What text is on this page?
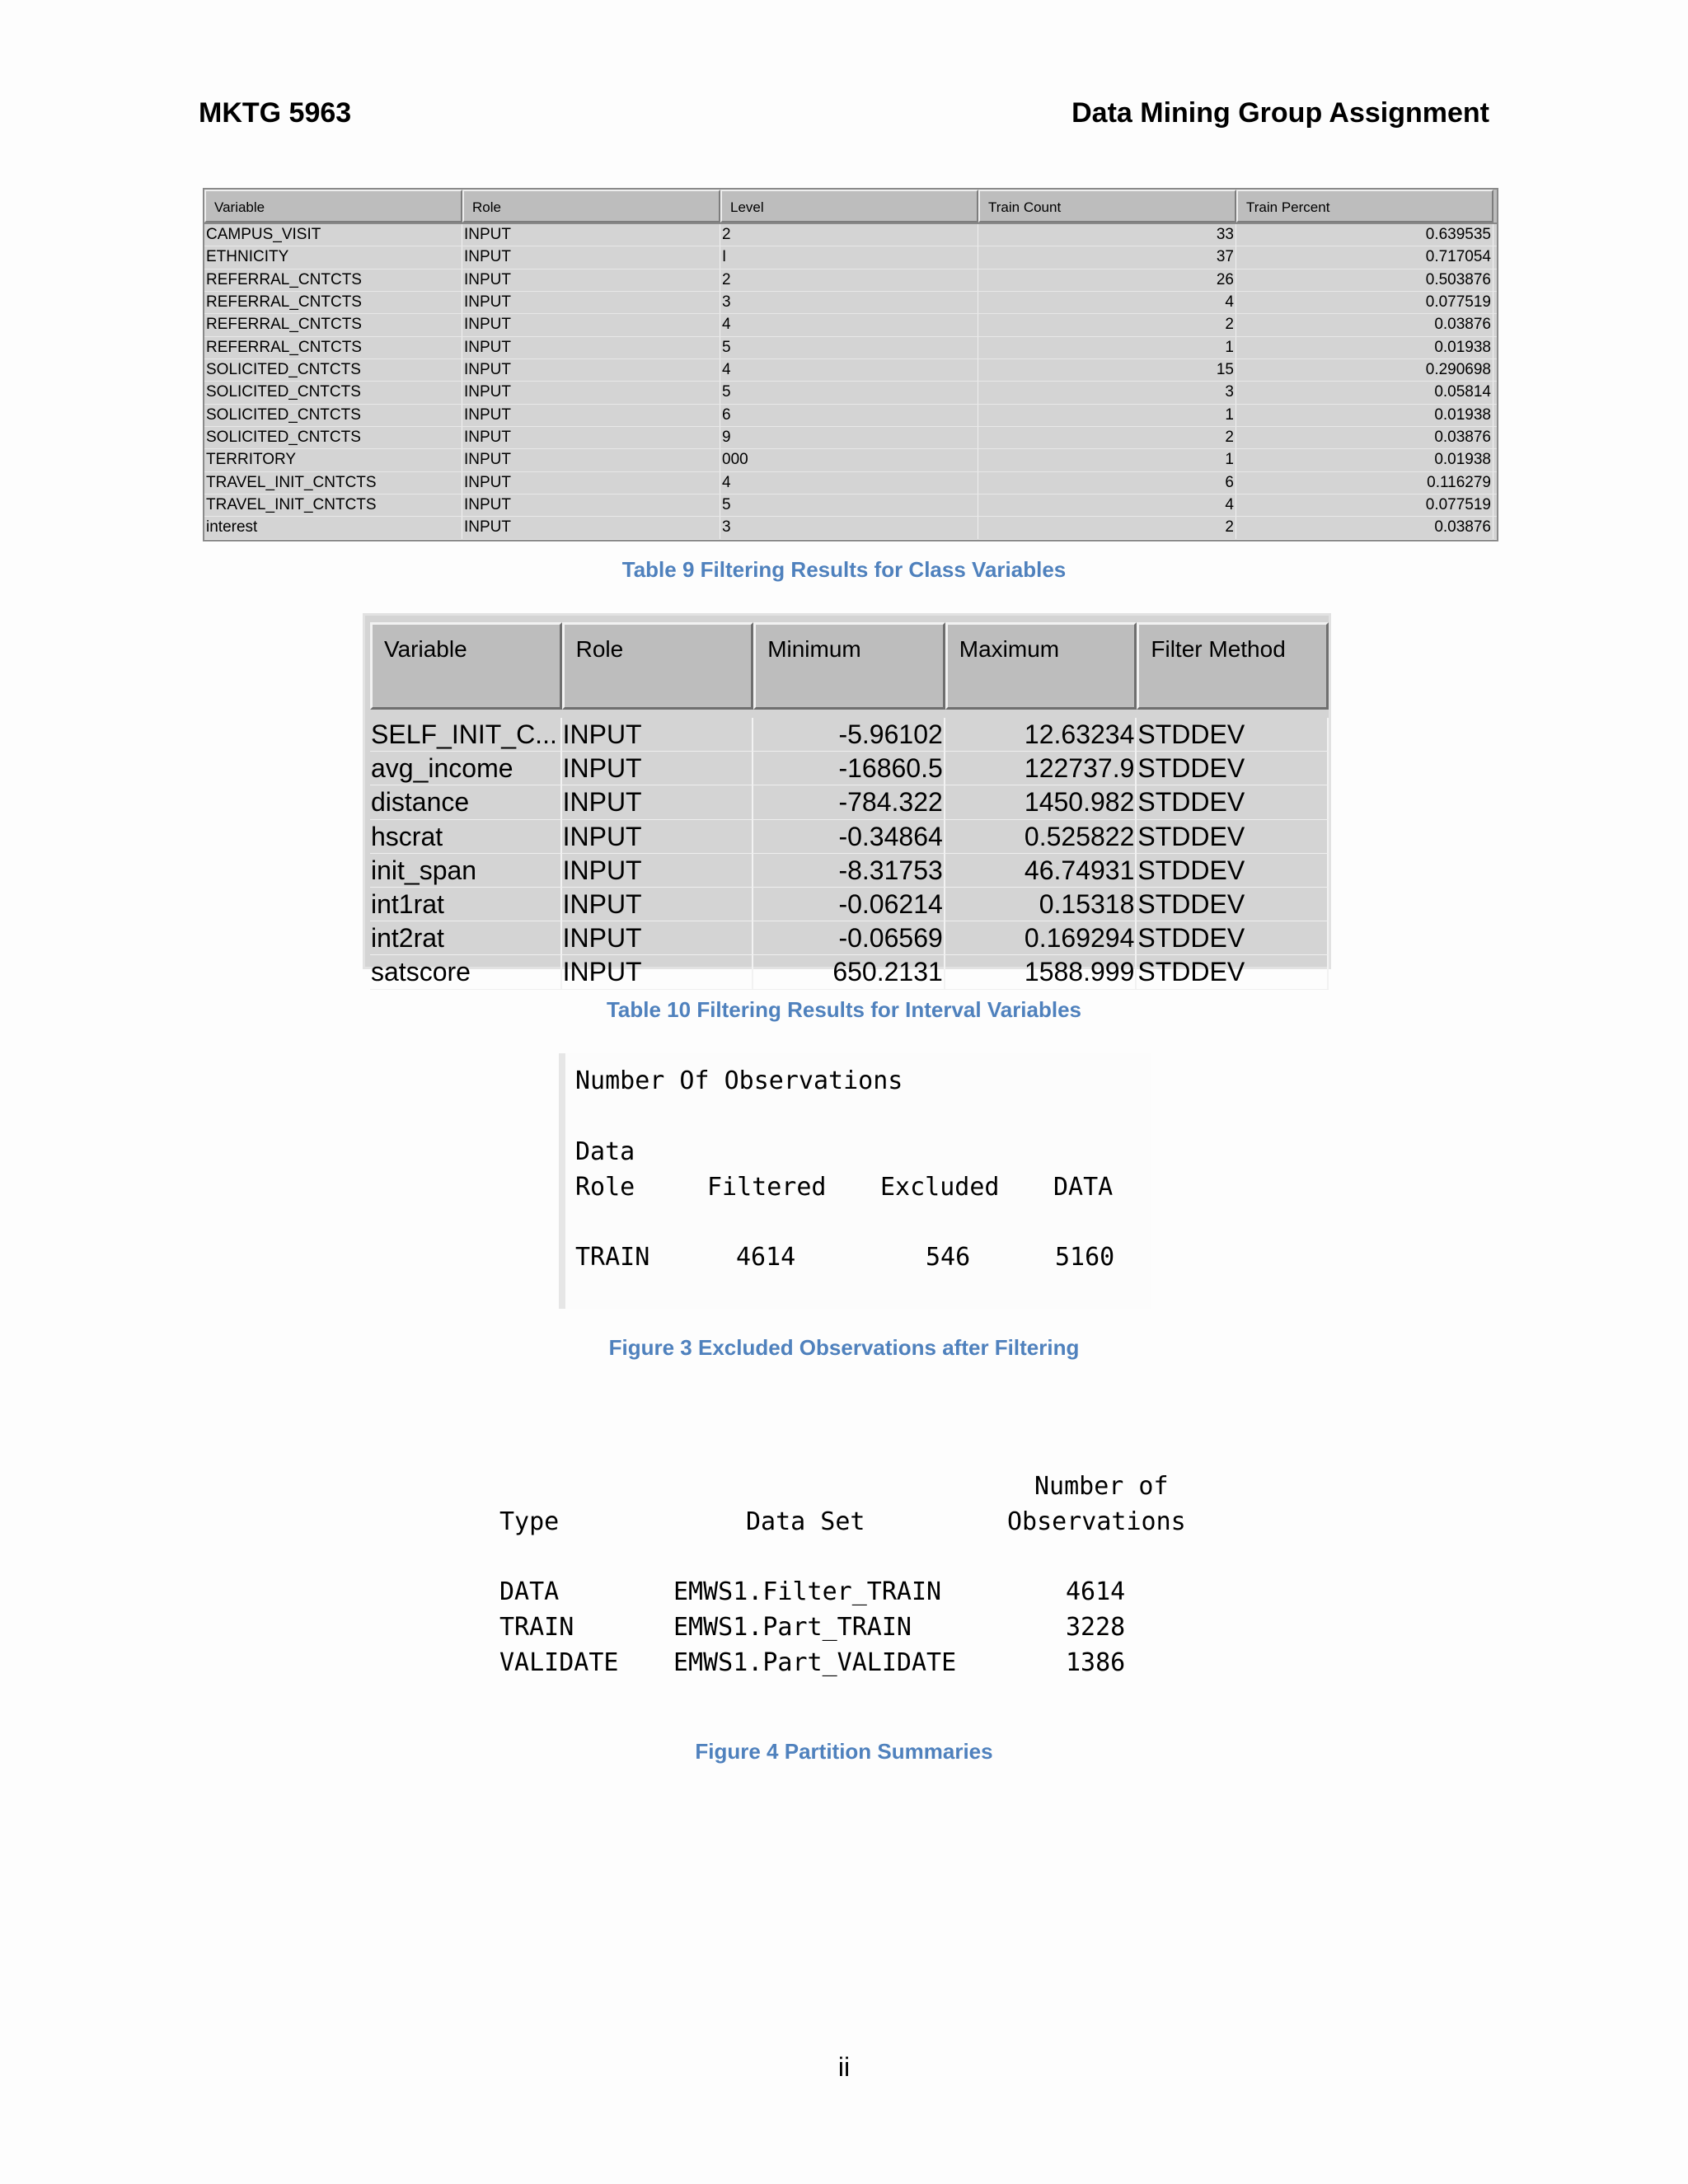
MKTG 5963	Data Mining Group Assignment
Variable	Role	Level	Train Count	Train Percent
CAMPUS_VISIT	INPUT	2	33	0.639535
ETHNICITY	INPUT	I	37	0.717054
REFERRAL_CNTCTS	INPUT	2	26	0.503876
REFERRAL_CNTCTS	INPUT	3	4	0.077519
REFERRAL_CNTCTS	INPUT	4	2	0.03876
REFERRAL_CNTCTS	INPUT	5	1	0.01938
SOLICITED_CNTCTS	INPUT	4	15	0.290698
SOLICITED_CNTCTS	INPUT	5	3	0.05814
SOLICITED_CNTCTS	INPUT	6	1	0.01938
SOLICITED_CNTCTS	INPUT	9	2	0.03876
TERRITORY	INPUT	000	1	0.01938
TRAVEL_INIT_CNTCTS	INPUT	4	6	0.116279
TRAVEL_INIT_CNTCTS	INPUT	5	4	0.077519
interest	INPUT	3	2	0.03876
Table 9 Filtering Results for Class Variables
Variable	Role	Minimum	Maximum	Filter Method
SELF_INIT_C... INPUT	-5.96102	12.63234 STDDEV
avg_income	INPUT	-16860.5	122737.9 STDDEV
distance	INPUT	-784.322	1450.982 STDDEV
hscrat	INPUT	-0.34864	0.525822 STDDEV
init_span	INPUT	-8.31753	46.74931 STDDEV
int1rat	INPUT	-0.06214	0.15318 STDDEV
int2rat	INPUT	-0.06569	0.169294 STDDEV
satscore	INPUT	650.2131	1588.999 STDDEV
Table 10 Filtering Results for Interval Variables
Number Of Observations
Data
Role	Filtered Excluded DATA
TRAIN	4614	546	5160
Figure 3 Excluded Observations after Filtering
Number of
Type	Data Set	Observations
DATA	EMWS1.Filter_TRAIN	4614
TRAIN	EMWS1.Part_TRAIN	3228
VALIDATE EMWS1.Part_VALIDATE	1386
Figure 4 Partition Summaries
ii
